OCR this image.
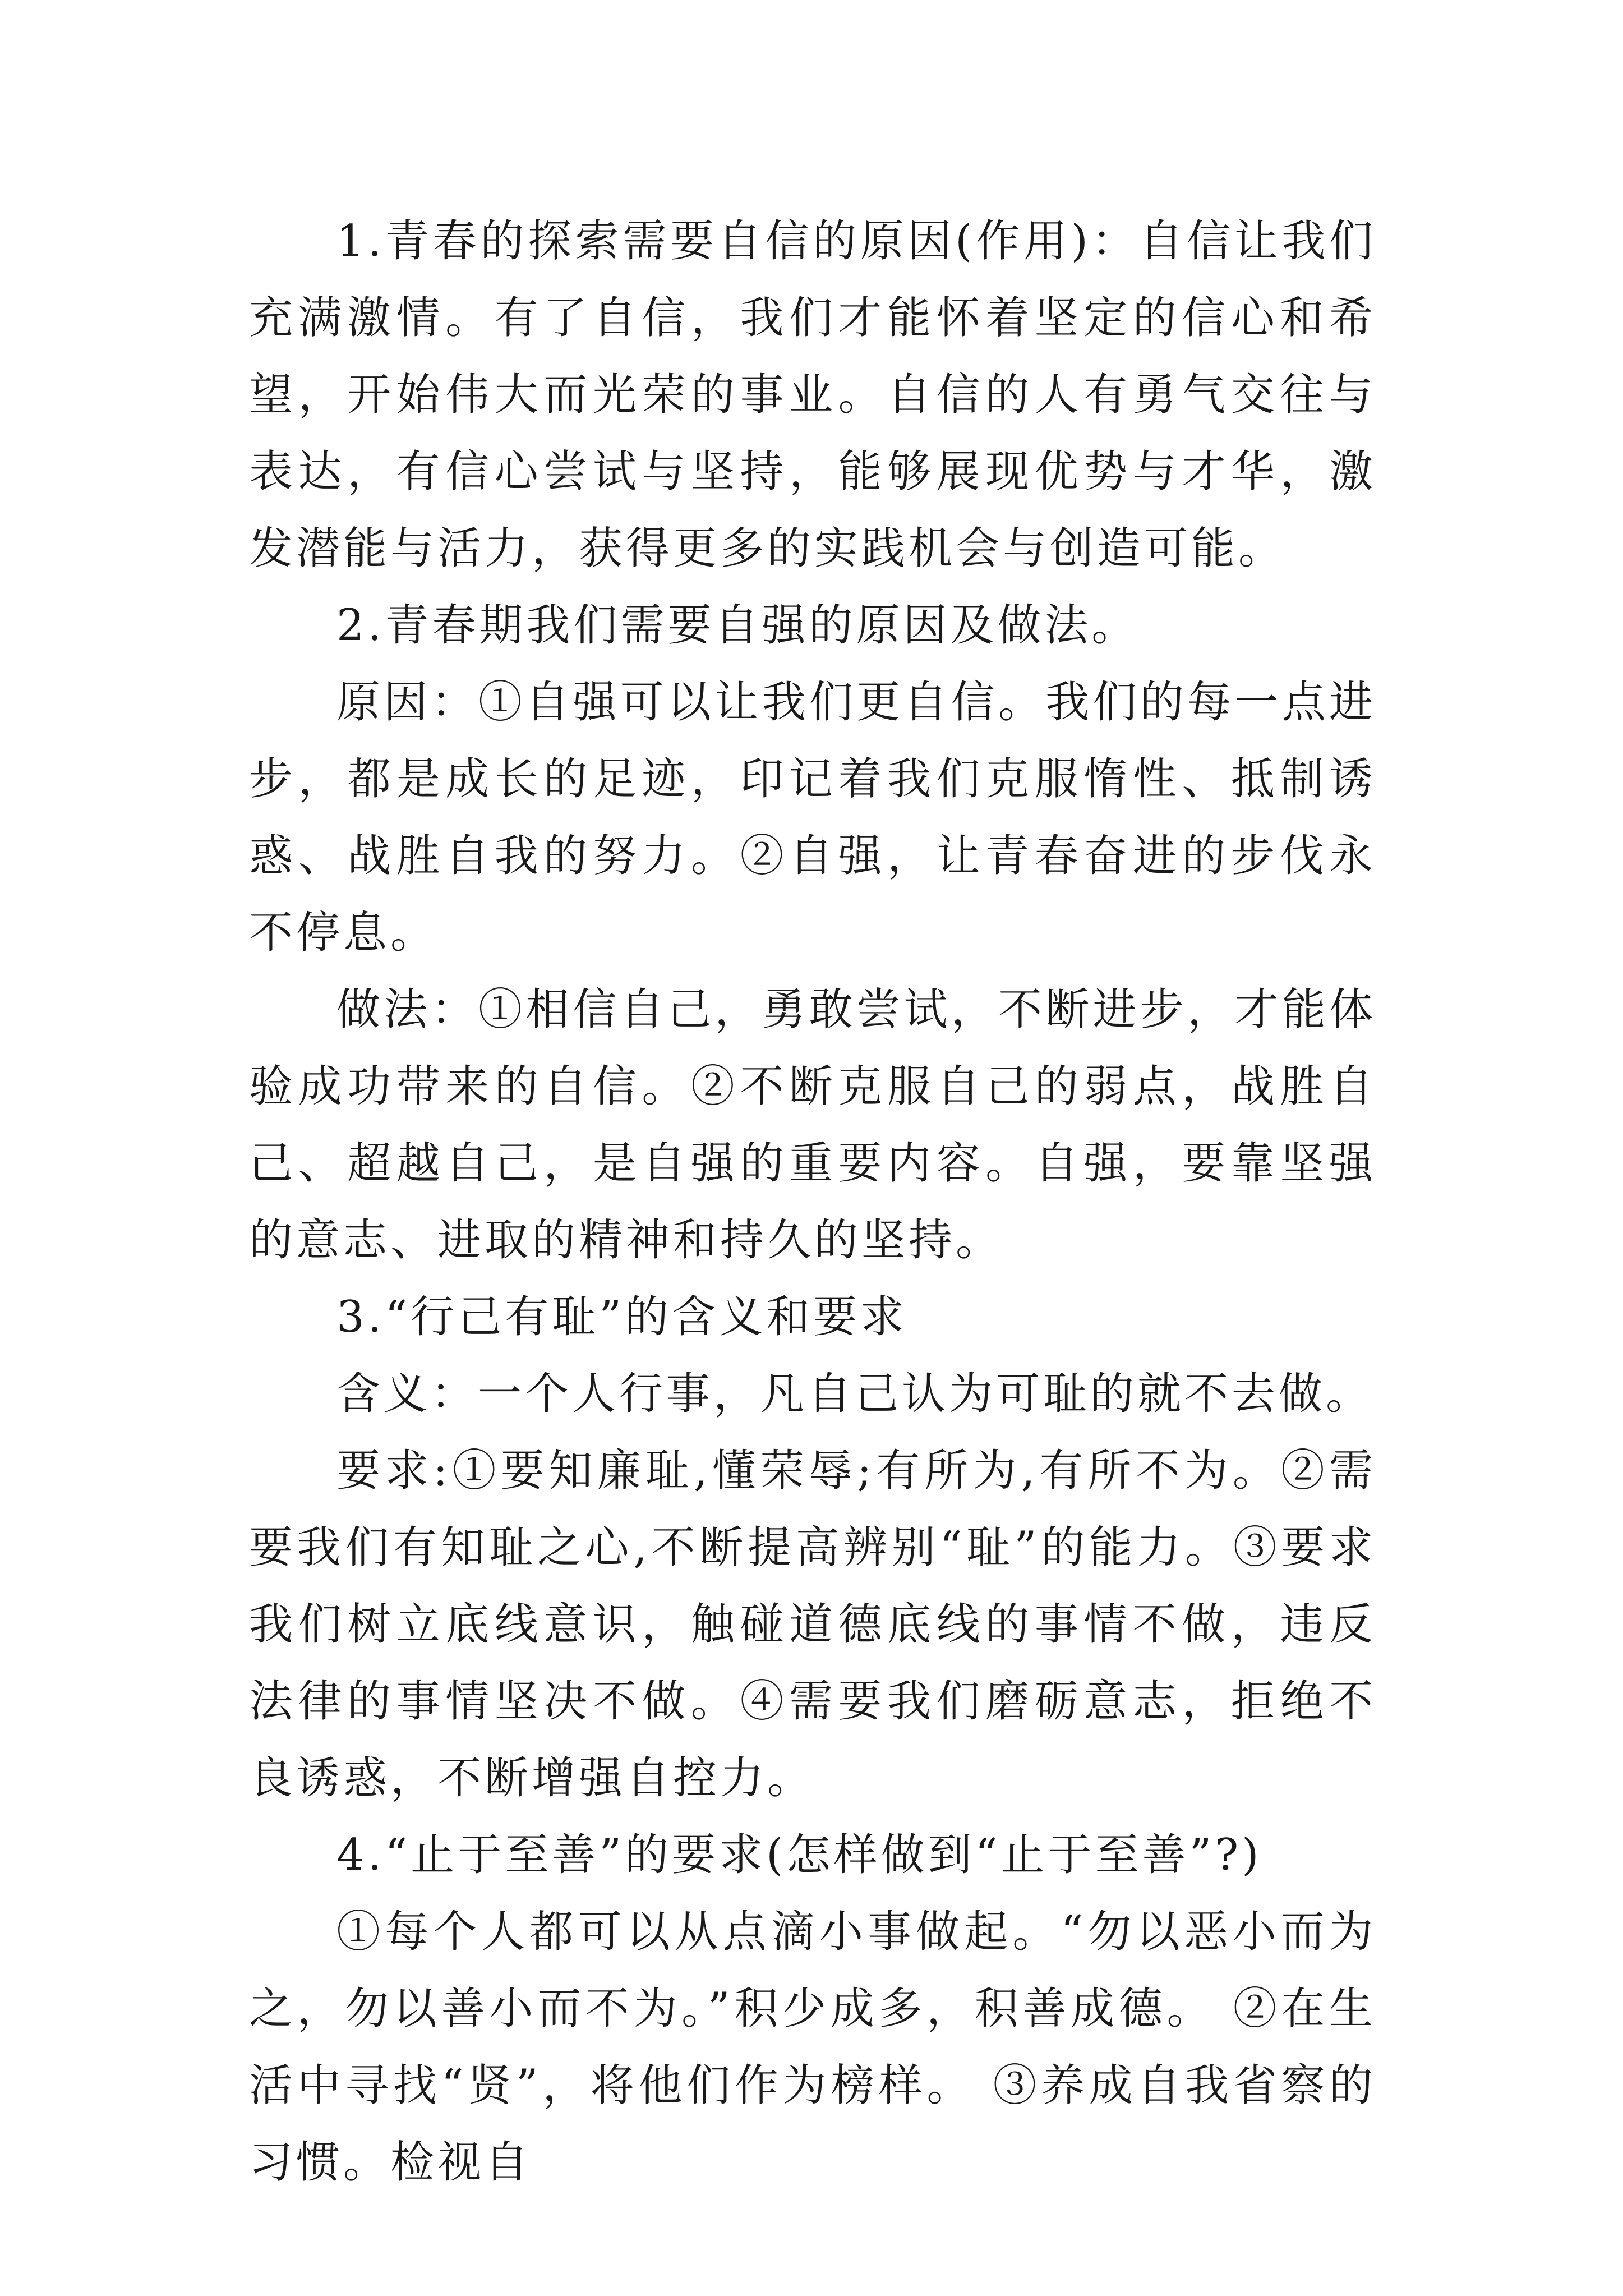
1.青春的探索需要自信的原因(作用)：自信让我们充满激情。有了自信，我们才能怀着坚定的信心和希望，开始伟大而光荣的事业。自信的人有勇气交往与表达，有信心尝试与坚持，能够展现优势与才华，激发潜能与活力，获得更多的实践机会与创造可能。

2.青春期我们需要自强的原因及做法。

原因：①自强可以让我们更自信。我们的每一点进步，都是成长的足迹，印记着我们克服惰性、抵制诱惑、战胜自我的努力。②自强，让青春奋进的步伐永不停息。

做法：①相信自己，勇敢尝试，不断进步，才能体验成功带来的自信。②不断克服自己的弱点，战胜自己、超越自己，是自强的重要内容。自强，要靠坚强的意志、进取的精神和持久的坚持。

3.“行己有耻”的含义和要求

含义：一个人行事，凡自己认为可耻的就不去做。

要求:①要知廉耻,懂荣辱;有所为,有所不为。②需要我们有知耻之心,不断提高辨别“耻”的能力。③要求我们树立底线意识，触碰道德底线的事情不做，违反法律的事情坚决不做。④需要我们磨砺意志，拒绝不良诱惑，不断增强自控力。

4.“止于至善”的要求(怎样做到“止于至善”?)

①每个人都可以从点滴小事做起。“勿以恶小而为之，勿以善小而不为。”积少成多，积善成德。 ②在生活中寻找“贤”，将他们作为榜样。 ③养成自我省察的习惯。检视自
